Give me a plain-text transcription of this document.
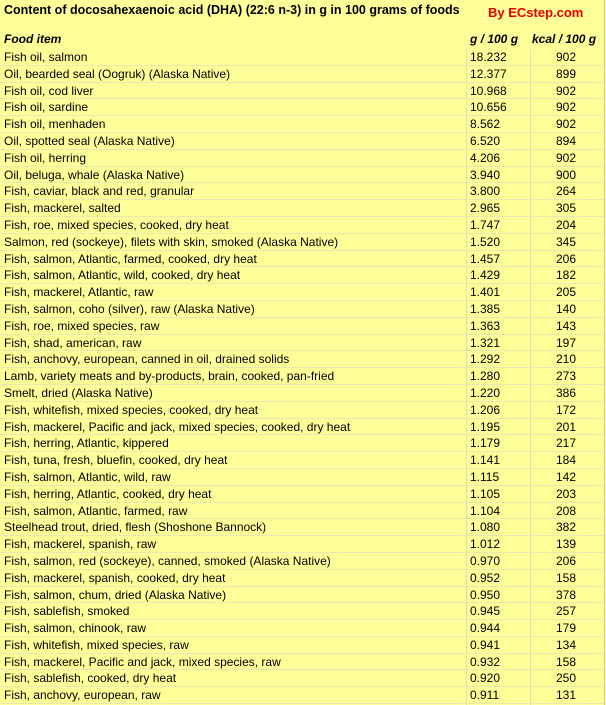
Content of docosahexaenoic acid (DHA) (22:6 n-3) in g in 100 grams of foods By ECstep.com
Food item	g / 100 g kcal / 100 g
Fish oil, salmon	18.232	902
Oil, bearded seal (Oogruk) (Alaska Native)	12.377	899
Fish oil, cod liver	10.968	902
Fish oil, sardine	10.656	902
Fish oil, menhaden	8.562	902
Oil, spotted seal (Alaska Native)	6.520	894
Fish oil, herring	4.206	902
Oil, beluga, whale (Alaska Native)	3.940	900
Fish, caviar, black and red, granular	3.800	264
Fish, mackerel, salted	2.965	305
Fish, roe, mixed species, cooked, dry heat	1.747	204
Salmon, red (sockeye), filets with skin, smoked (Alaska Native)	1.520	345
Fish, salmon, Atlantic, farmed, cooked, dry heat	1.457	206
Fish, salmon, Atlantic, wild, cooked, dry heat	1.429	182
Fish, mackerel, Atlantic, raw	1.401	205
Fish, salmon, coho (silver), raw (Alaska Native)	1.385	140
Fish, roe, mixed species, raw	1.363	143
Fish, shad, american, raw	1.321	197
Fish, anchovy, european, canned in oil, drained solids	1.292	210
Lamb, variety meats and by-products, brain, cooked, pan-fried	1.280	273
Smelt, dried (Alaska Native)	1.220	386
Fish, whitefish, mixed species, cooked, dry heat	1.206	172
Fish, mackerel, Pacific and jack, mixed species, cooked, dry heat	1.195	201
Fish, herring, Atlantic, kippered	1.179	217
Fish, tuna, fresh, bluefin, cooked, dry heat	1.141	184
Fish, salmon, Atlantic, wild, raw	1.115	142
Fish, herring, Atlantic, cooked, dry heat	1.105	203
Fish, salmon, Atlantic, farmed, raw	1.104	208
Steelhead trout, dried, flesh (Shoshone Bannock)	1.080	382
Fish, mackerel, spanish, raw	1.012	139
Fish, salmon, red (sockeye), canned, smoked (Alaska Native)	0.970	206
Fish, mackerel, spanish, cooked, dry heat	0.952	158
Fish, salmon, chum, dried (Alaska Native)	0.950	378
Fish, sablefish, smoked	0.945	257
Fish, salmon, chinook, raw	0.944	179
Fish, whitefish, mixed species, raw	0.941	134
Fish, mackerel, Pacific and jack, mixed species, raw	0.932	158
Fish, sablefish, cooked, dry heat	0.920	250
Fish, anchovy, european, raw	0.911	131
